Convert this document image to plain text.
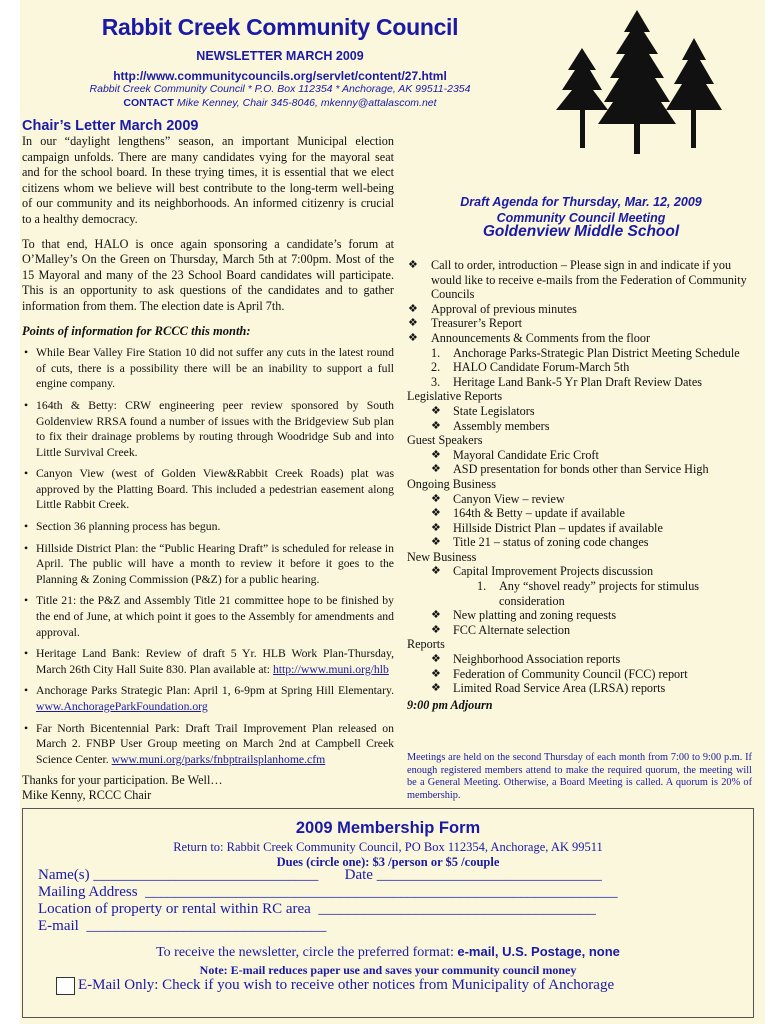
Rabbit Creek Community Council
NEWSLETTER MARCH 2009
http://www.communitycouncils.org/servlet/content/27.html
Rabbit Creek Community Council * P.O. Box 112354 * Anchorage, AK 99511-2354
CONTACT Mike Kenney, Chair 345-8046, mkenny@attalascom.net
Chair’s Letter March 2009

In our “daylight lengthens” season, an important Municipal election campaign unfolds. There are many candidates vying for the mayoral seat and for the school board. In these trying times, it is essential that we elect citizens whom we believe will best contribute to the long-term well-being of our community and its neighborhoods. An informed citizenry is crucial to a healthy democracy.

To that end, HALO is once again sponsoring a candidate’s forum at O’Malley’s On the Green on Thursday, March 5th at 7:00pm. Most of the 15 Mayoral and many of the 23 School Board candidates will participate. This is an opportunity to ask questions of the candidates and to gather information from them. The election date is April 7th.

Points of information for RCCC this month:
• While Bear Valley Fire Station 10 did not suffer any cuts in the latest round of cuts, there is a possibility there will be an inability to support a full engine company.
• 164th & Betty: CRW engineering peer review sponsored by South Goldenview RRSA found a number of issues with the Bridgeview Sub plan to fix their drainage problems by routing through Woodridge Sub and into Little Survival Creek.
• Canyon View (west of Golden View&Rabbit Creek Roads) plat was approved by the Platting Board. This included a pedestrian easement along Little Rabbit Creek.
• Section 36 planning process has begun.
• Hillside District Plan: the “Public Hearing Draft” is scheduled for release in April. The public will have a month to review it before it goes to the Planning & Zoning Commission (P&Z) for a public hearing.
• Title 21: the P&Z and Assembly Title 21 committee hope to be finished by the end of June, at which point it goes to the Assembly for amendments and approval.
• Heritage Land Bank: Review of draft 5 Yr. HLB Work Plan-Thursday, March 26th City Hall Suite 830. Plan available at: http://www.muni.org/hlb
• Anchorage Parks Strategic Plan: April 1, 6-9pm at Spring Hill Elementary. www.AnchorageParkFoundation.org
• Far North Bicentennial Park: Draft Trail Improvement Plan released on March 2. FNBP User Group meeting on March 2nd at Campbell Creek Science Center. www.muni.org/parks/fnbptrailsplanhome.cfm
Thanks for your participation. Be Well…
Mike Kenny, RCCC Chair
Draft Agenda for Thursday, Mar. 12, 2009
Community Council Meeting
Goldenview Middle School
❖ Call to order, introduction – Please sign in and indicate if you would like to receive e-mails from the Federation of Community Councils
❖ Approval of previous minutes
❖ Treasurer’s Report
❖ Announcements & Comments from the floor
1. Anchorage Parks-Strategic Plan District Meeting Schedule
2. HALO Candidate Forum-March 5th
3. Heritage Land Bank-5 Yr Plan Draft Review Dates
Legislative Reports
❖ State Legislators
❖ Assembly members
Guest Speakers
❖ Mayoral Candidate Eric Croft
❖ ASD presentation for bonds other than Service High
Ongoing Business
❖ Canyon View – review
❖ 164th & Betty – update if available
❖ Hillside District Plan – updates if available
❖ Title 21 – status of zoning code changes
New Business
❖ Capital Improvement Projects discussion
1. Any “shovel ready” projects for stimulus consideration
❖ New platting and zoning requests
❖ FCC Alternate selection
Reports
❖ Neighborhood Association reports
❖ Federation of Community Council (FCC) report
❖ Limited Road Service Area (LRSA) reports
9:00 pm Adjourn
Meetings are held on the second Thursday of each month from 7:00 to 9:00 p.m. If enough registered members attend to make the required quorum, the meeting will be a General Meeting. Otherwise, a Board Meeting is called. A quorum is 20% of membership.
2009 Membership Form
Return to: Rabbit Creek Community Council, PO Box 112354, Anchorage, AK 99511
Dues (circle one): $3 /person or $5 /couple
Name(s) ______________________________       Date ______________________________
Mailing Address  _______________________________________________________________
Location of property or rental within RC area  _____________________________________
E-mail  ________________________________
To receive the newsletter, circle the preferred format: e-mail, U.S. Postage, none
Note: E-mail reduces paper use and saves your community council money
E-Mail Only: Check if you wish to receive other notices from Municipality of Anchorage
